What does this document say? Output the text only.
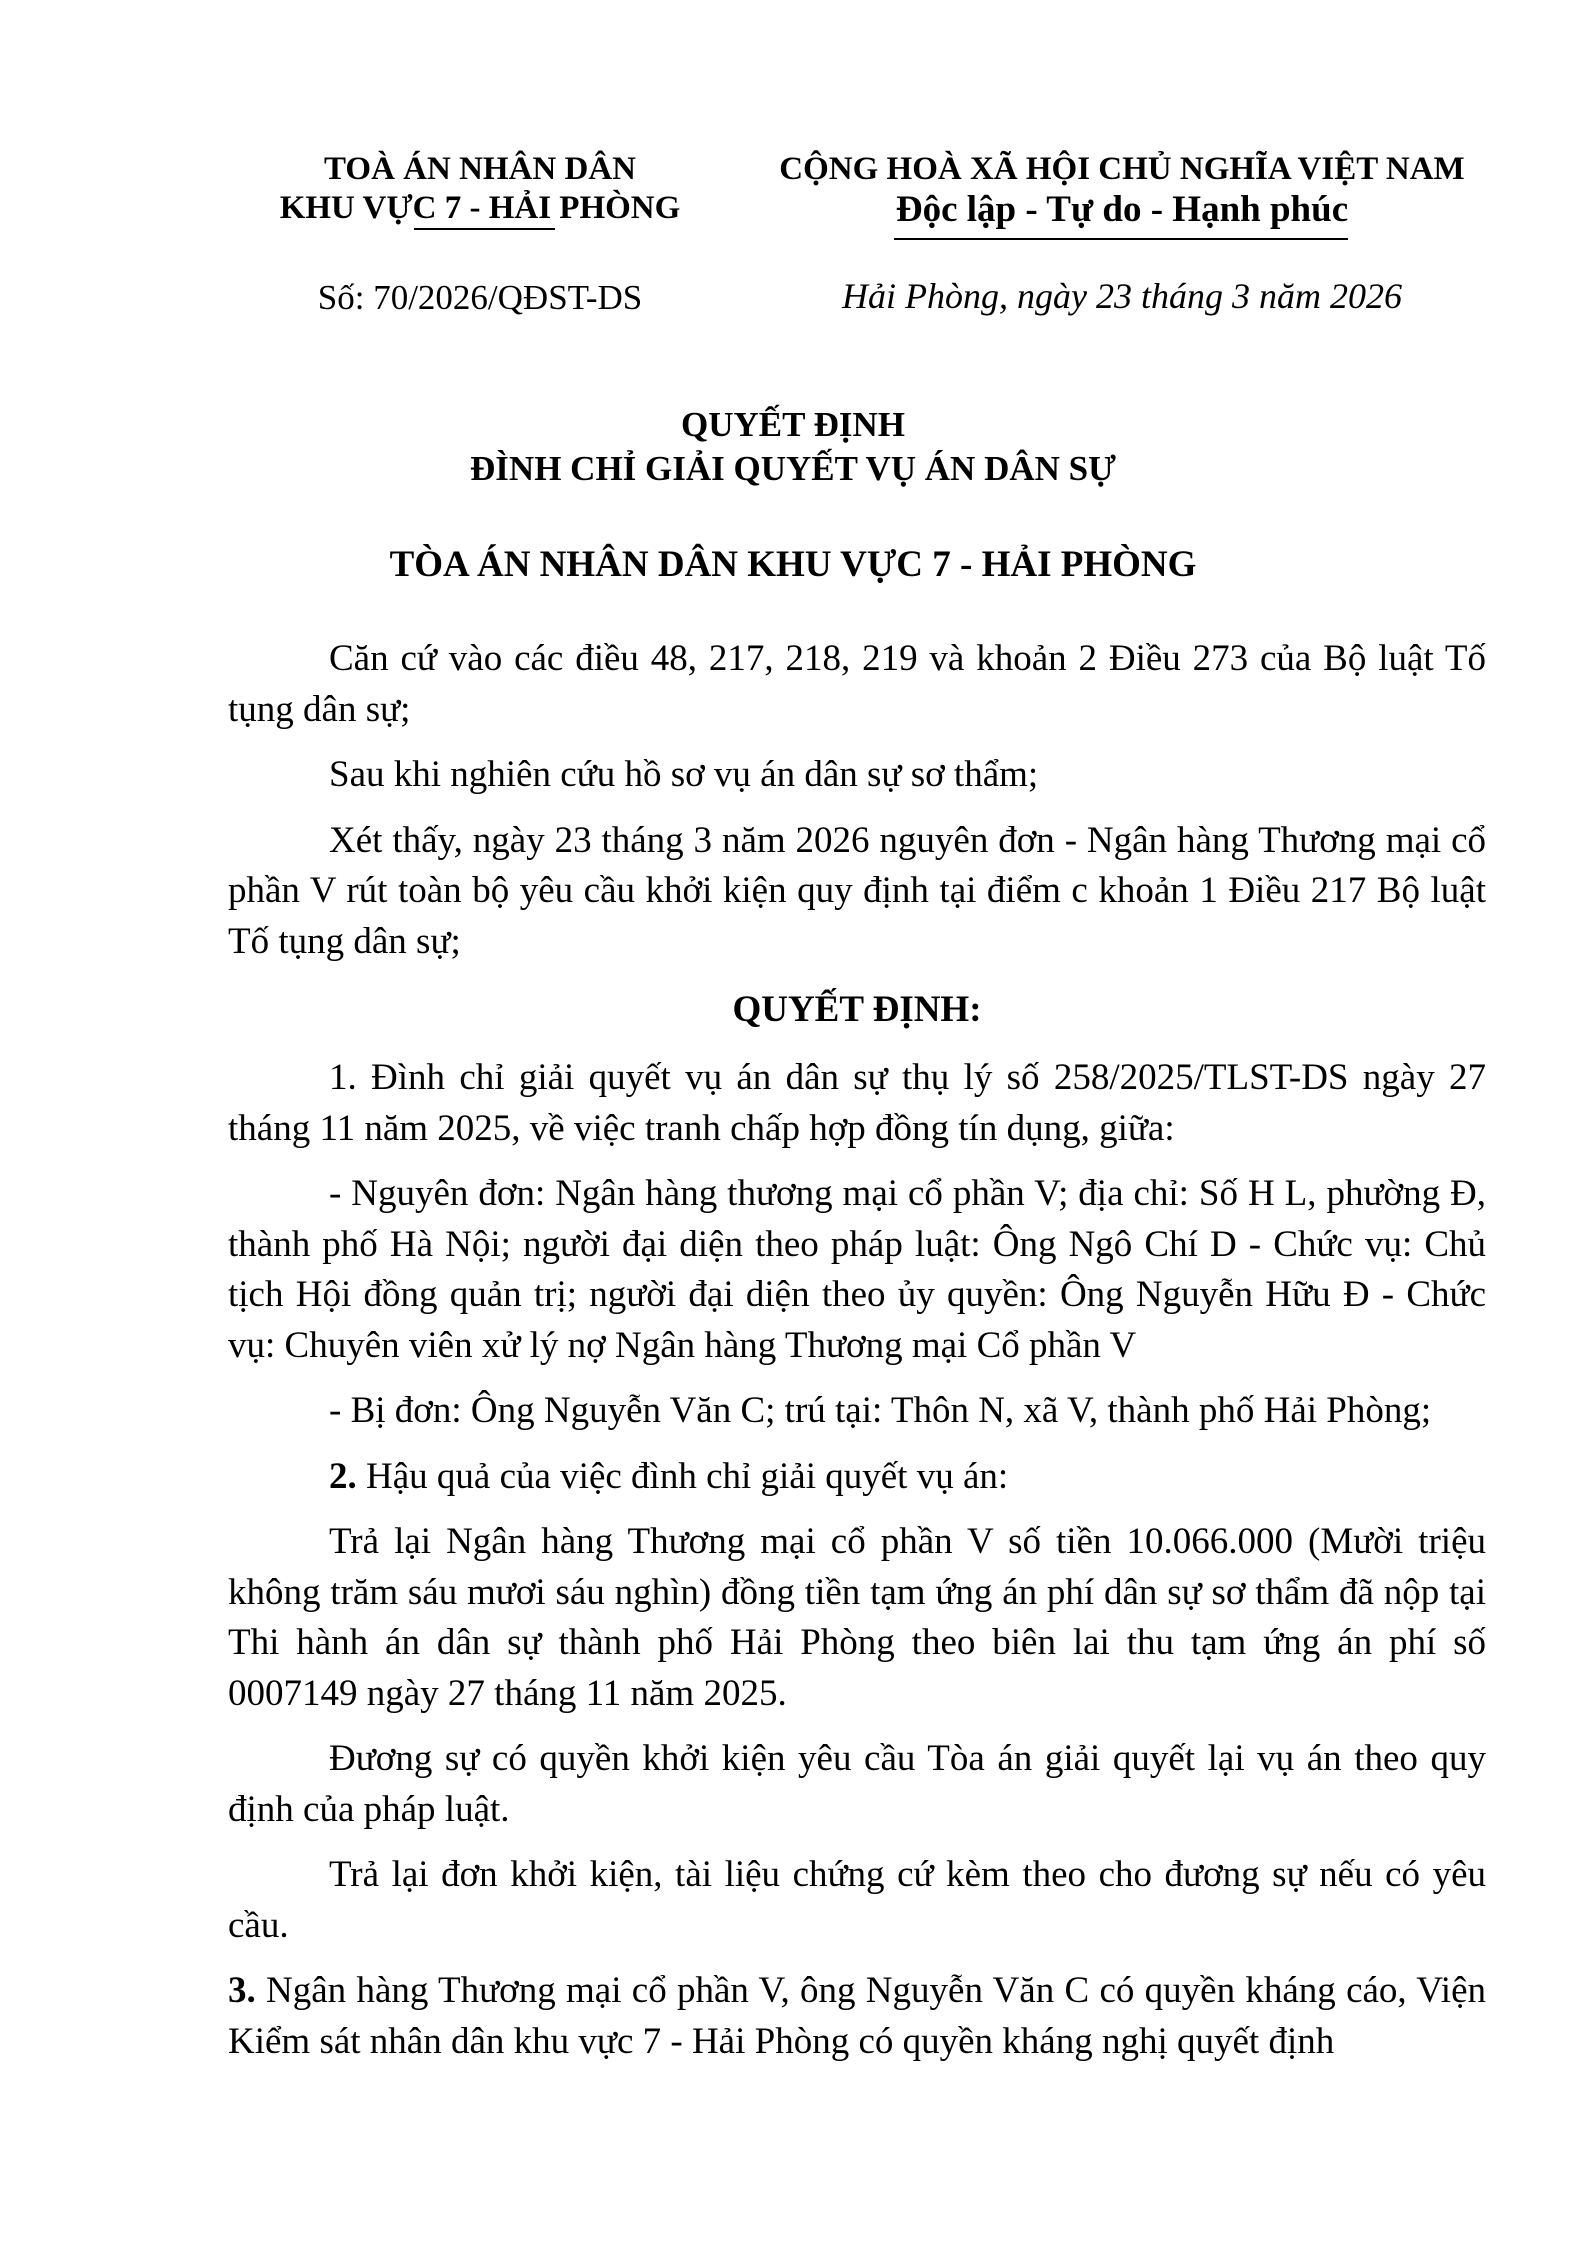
TOÀ ÁN NHÂN DÂN
KHU VỰC 7 - HẢI PHÒNG
CỘNG HOÀ XÃ HỘI CHỦ NGHĨA VIỆT NAM
Độc lập - Tự do - Hạnh phúc
Số: 70/2026/QĐST-DS	Hải Phòng, ngày 23 tháng 3 năm 2026
QUYẾT ĐỊNH
ĐÌNH CHỈ GIẢI QUYẾT VỤ ÁN DÂN SỰ
TÒA ÁN NHÂN DÂN KHU VỰC 7 - HẢI PHÒNG

Căn cứ vào các điều 48, 217, 218, 219 và khoản 2 Điều 273 của Bộ luật Tố tụng dân sự;

Sau khi nghiên cứu hồ sơ vụ án dân sự sơ thẩm;

Xét thấy, ngày 23 tháng 3 năm 2026 nguyên đơn - Ngân hàng Thương mại cổ phần V rút toàn bộ yêu cầu khởi kiện quy định tại điểm c khoản 1 Điều 217 Bộ luật Tố tụng dân sự;

QUYẾT ĐỊNH:

1. Đình chỉ giải quyết vụ án dân sự thụ lý số 258/2025/TLST-DS ngày 27 tháng 11 năm 2025, về việc tranh chấp hợp đồng tín dụng, giữa:

- Nguyên đơn: Ngân hàng thương mại cổ phần V; địa chỉ: Số H L, phường Đ, thành phố Hà Nội; người đại diện theo pháp luật: Ông Ngô Chí D - Chức vụ: Chủ tịch Hội đồng quản trị; người đại diện theo ủy quyền: Ông Nguyễn Hữu Đ - Chức vụ: Chuyên viên xử lý nợ Ngân hàng Thương mại Cổ phần V

- Bị đơn: Ông Nguyễn Văn C; trú tại: Thôn N, xã V, thành phố Hải Phòng;

2. Hậu quả của việc đình chỉ giải quyết vụ án:

Trả lại Ngân hàng Thương mại cổ phần V số tiền 10.066.000 (Mười triệu không trăm sáu mươi sáu nghìn) đồng tiền tạm ứng án phí dân sự sơ thẩm đã nộp tại Thi hành án dân sự thành phố Hải Phòng theo biên lai thu tạm ứng án phí số 0007149 ngày 27 tháng 11 năm 2025.

Đương sự có quyền khởi kiện yêu cầu Tòa án giải quyết lại vụ án theo quy định của pháp luật.

Trả lại đơn khởi kiện, tài liệu chứng cứ kèm theo cho đương sự nếu có yêu cầu.

3. Ngân hàng Thương mại cổ phần V, ông Nguyễn Văn C có quyền kháng cáo, Viện Kiểm sát nhân dân khu vực 7 - Hải Phòng có quyền kháng nghị quyết định
